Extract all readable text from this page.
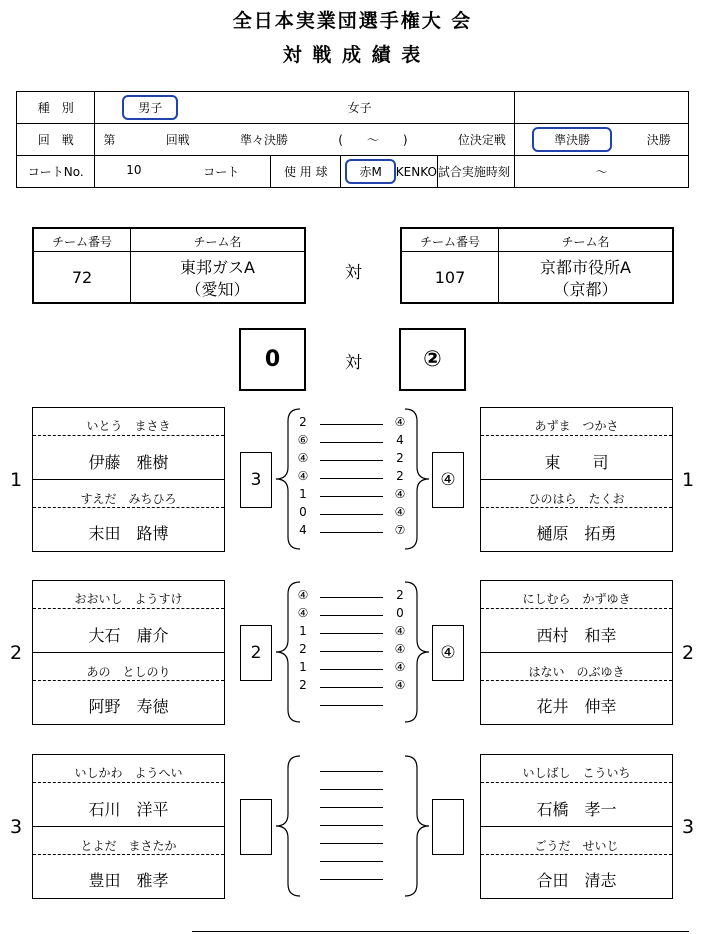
全日本実業団選手権大 会
対 戦 成 績 表
種　別	男子 女子			

回　戦	第 回戦 準々決勝 (　　～　　) 位決定戦			準決勝 決勝

コートNo.	10 コート	使 用 球	赤M KENKO 試合実施時刻	～
チーム番号	チーム名
72
東邦ガスA
（愛知）
対
チーム番号	チーム名
107
京都市役所A
（京都）
0	対	②
1	1
いとう　まさき
伊藤　雅樹
すえだ　みちひろ
末田　路博
あずま　つかさ
東　　司
ひのはら　たくお
樋原　拓勇
3	④
2	④
⑥	4
④	2
④	2
1	④
0	④
4	⑦
2	2
おおいし　ようすけ
大石　庸介
あの　としのり
阿野　寿徳
にしむら　かずゆき
西村　和幸
はない　のぶゆき
花井　伸幸
2	④
④	2
④	0
1	④
2	④
1	④
2	④
3	3
いしかわ　ようへい
石川　洋平
とよだ　まさたか
豊田　雅孝
いしばし　こういち
石橋　孝一
ごうだ　せいじ
合田　清志
